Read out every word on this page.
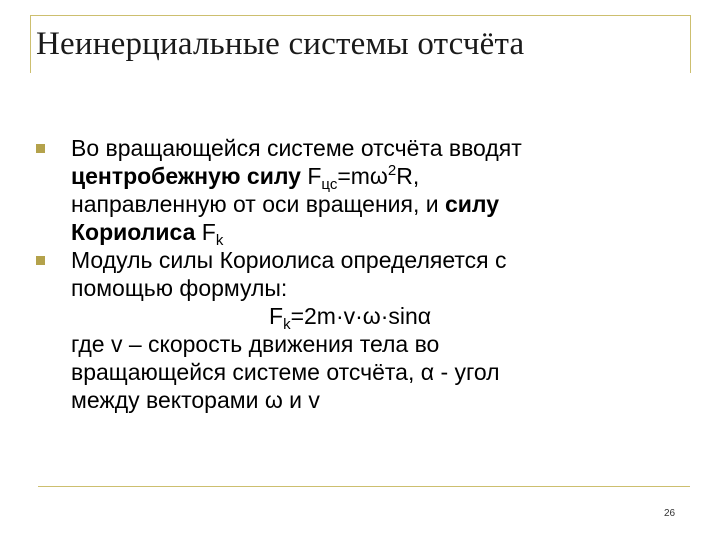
Неинерциальные системы отсчёта
Во вращающейся системе отсчёта вводят
центробежную силу $F_{цс}=m\omega^2R$,
направленную от оси вращения, и силу
Кориолиса $F_k$
Модуль силы Кориолиса определяется с
помощью формулы:
$F_k=2m\cdot v\cdot\omega\cdot\sin\alpha$
где v – скорость движения тела во
вращающейся системе отсчёта, α - угол
между векторами ω и v
26
